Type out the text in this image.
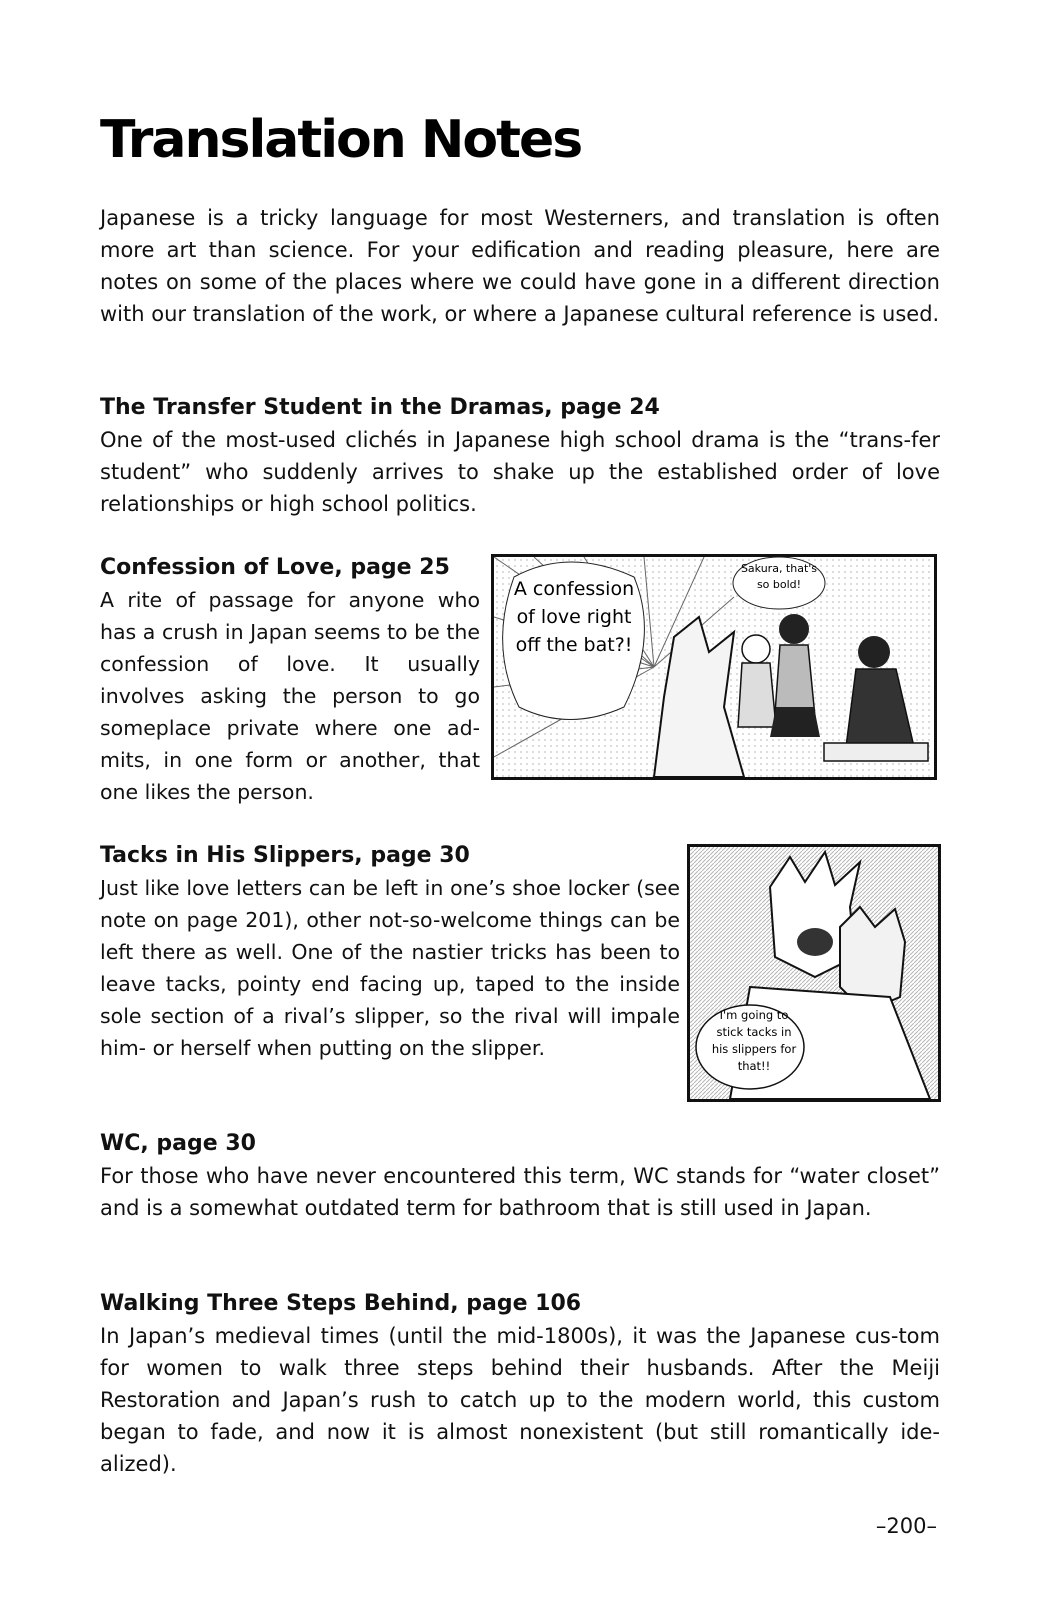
Translation Notes

Japanese is a tricky language for most Westerners, and translation is often more art than science. For your edification and reading pleasure, here are notes on some of the places where we could have gone in a different direction with our translation of the work, or where a Japanese cultural reference is used.

The Transfer Student in the Dramas, page 24

One of the most-used clichés in Japanese high school drama is the “trans-fer student” who suddenly arrives to shake up the established order of love relationships or high school politics.

Confession of Love, page 25

A rite of passage for anyone who has a crush in Japan seems to be the confession of love. It usually involves asking the person to go someplace private where one ad-mits, in one form or another, that one likes the person.

A confession of love right off the bat?!
Sakura, that's so bold!
Tacks in His Slippers, page 30

Just like love letters can be left in one’s shoe locker (see note on page 201), other not-so-welcome things can be left there as well. One of the nastier tricks has been to leave tacks, pointy end facing up, taped to the inside sole section of a rival’s slipper, so the rival will impale him- or herself when putting on the slipper.

I'm going to stick tacks in his slippers for that!!
WC, page 30

For those who have never encountered this term, WC stands for “water closet” and is a somewhat outdated term for bathroom that is still used in Japan.

Walking Three Steps Behind, page 106

In Japan’s medieval times (until the mid-1800s), it was the Japanese cus-tom for women to walk three steps behind their husbands. After the Meiji Restoration and Japan’s rush to catch up to the modern world, this custom began to fade, and now it is almost nonexistent (but still romantically ide-alized).

–200–
